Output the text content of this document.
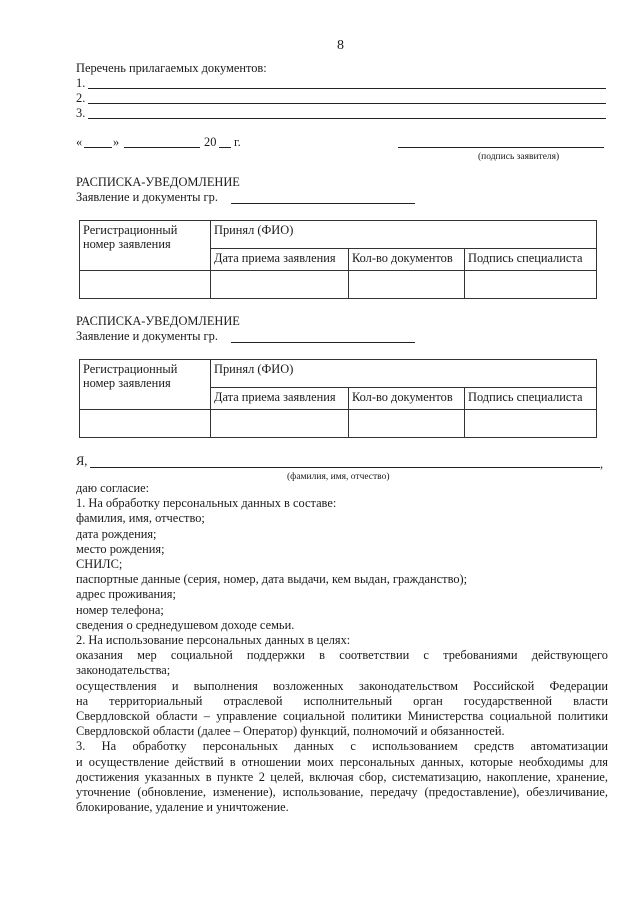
8
Перечень прилагаемых документов:
1.
2.
3.
« »	20 г.
(подпись заявителя)
РАСПИСКА-УВЕДОМЛЕНИЕ
Заявление и документы гр.
Регистрационный номер заявления	Принял (ФИО)		
	Дата приема заявления	Кол-во документов	Подпись специалиста

РАСПИСКА-УВЕДОМЛЕНИЕ
Заявление и документы гр.
Регистрационный номер заявления	Принял (ФИО)		
	Дата приема заявления	Кол-во документов	Подпись специалиста

Я,	,
(фамилия, имя, отчество)
даю согласие:
1. На обработку персональных данных в составе:
фамилия, имя, отчество;
дата рождения;
место рождения;
СНИЛС;
паспортные данные (серия, номер, дата выдачи, кем выдан, гражданство);
адрес проживания;
номер телефона;
сведения о среднедушевом доходе семьи.
2. На использование персональных данных в целях:
оказания мер социальной поддержки в соответствии с требованиями действующего
законодательства;
осуществления и выполнения возложенных законодательством Российской Федерации
на территориальный отраслевой исполнительный орган государственной власти
Свердловской области – управление социальной политики Министерства социальной политики
Свердловской области (далее – Оператор) функций, полномочий и обязанностей.
3. На обработку персональных данных с использованием средств автоматизации
и осуществление действий в отношении моих персональных данных, которые необходимы для
достижения указанных в пункте 2 целей, включая сбор, систематизацию, накопление, хранение,
уточнение (обновление, изменение), использование, передачу (предоставление), обезличивание,
блокирование, удаление и уничтожение.
